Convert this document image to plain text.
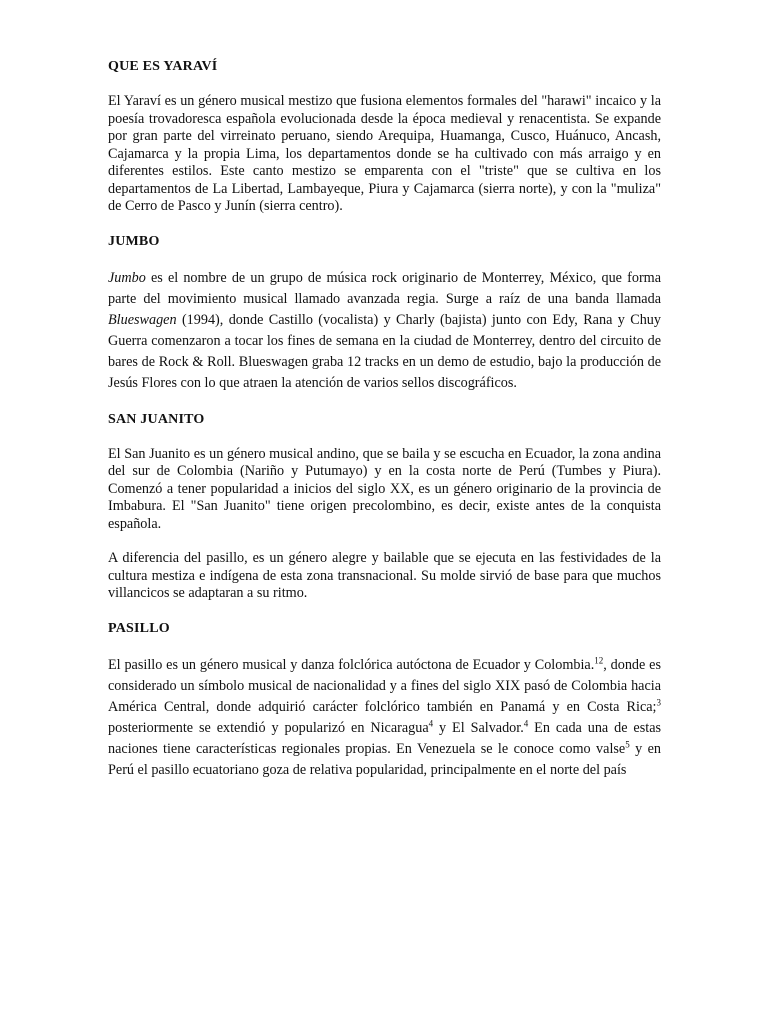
QUE ES YARAVÍ

El Yaraví es un género musical mestizo que fusiona elementos formales del "harawi" incaico y la poesía trovadoresca española evolucionada desde la época medieval y renacentista. Se expande por gran parte del virreinato peruano, siendo Arequipa, Huamanga, Cusco, Huánuco, Ancash, Cajamarca y la propia Lima, los departamentos donde se ha cultivado con más arraigo y en diferentes estilos. Este canto mestizo se emparenta con el "triste" que se cultiva en los departamentos de La Libertad, Lambayeque, Piura y Cajamarca (sierra norte), y con la "muliza" de Cerro de Pasco y Junín (sierra centro).

JUMBO

Jumbo es el nombre de un grupo de música rock originario de Monterrey, México, que forma parte del movimiento musical llamado avanzada regia. Surge a raíz de una banda llamada Blueswagen (1994), donde Castillo (vocalista) y Charly (bajista) junto con Edy, Rana y Chuy Guerra comenzaron a tocar los fines de semana en la ciudad de Monterrey, dentro del circuito de bares de Rock & Roll. Blueswagen graba 12 tracks en un demo de estudio, bajo la producción de Jesús Flores con lo que atraen la atención de varios sellos discográficos.

SAN JUANITO

El San Juanito es un género musical andino, que se baila y se escucha en Ecuador, la zona andina del sur de Colombia (Nariño y Putumayo) y en la costa norte de Perú (Tumbes y Piura). Comenzó a tener popularidad a inicios del siglo XX, es un género originario de la provincia de Imbabura. El "San Juanito" tiene origen precolombino, es decir, existe antes de la conquista española.

A diferencia del pasillo, es un género alegre y bailable que se ejecuta en las festividades de la cultura mestiza e indígena de esta zona transnacional. Su molde sirvió de base para que muchos villancicos se adaptaran a su ritmo.

PASILLO

El pasillo es un género musical y danza folclórica autóctona de Ecuador y Colombia.$^{12}$, donde es considerado un símbolo musical de nacionalidad y a fines del siglo XIX pasó de Colombia hacia América Central, donde adquirió carácter folclórico también en Panamá y en Costa Rica;$^3$ posteriormente se extendió y popularizó en Nicaragua$^4$ y El Salvador.$^4$ En cada una de estas naciones tiene características regionales propias. En Venezuela se le conoce como valse$^5$ y en Perú el pasillo ecuatoriano goza de relativa popularidad, principalmente en el norte del país
